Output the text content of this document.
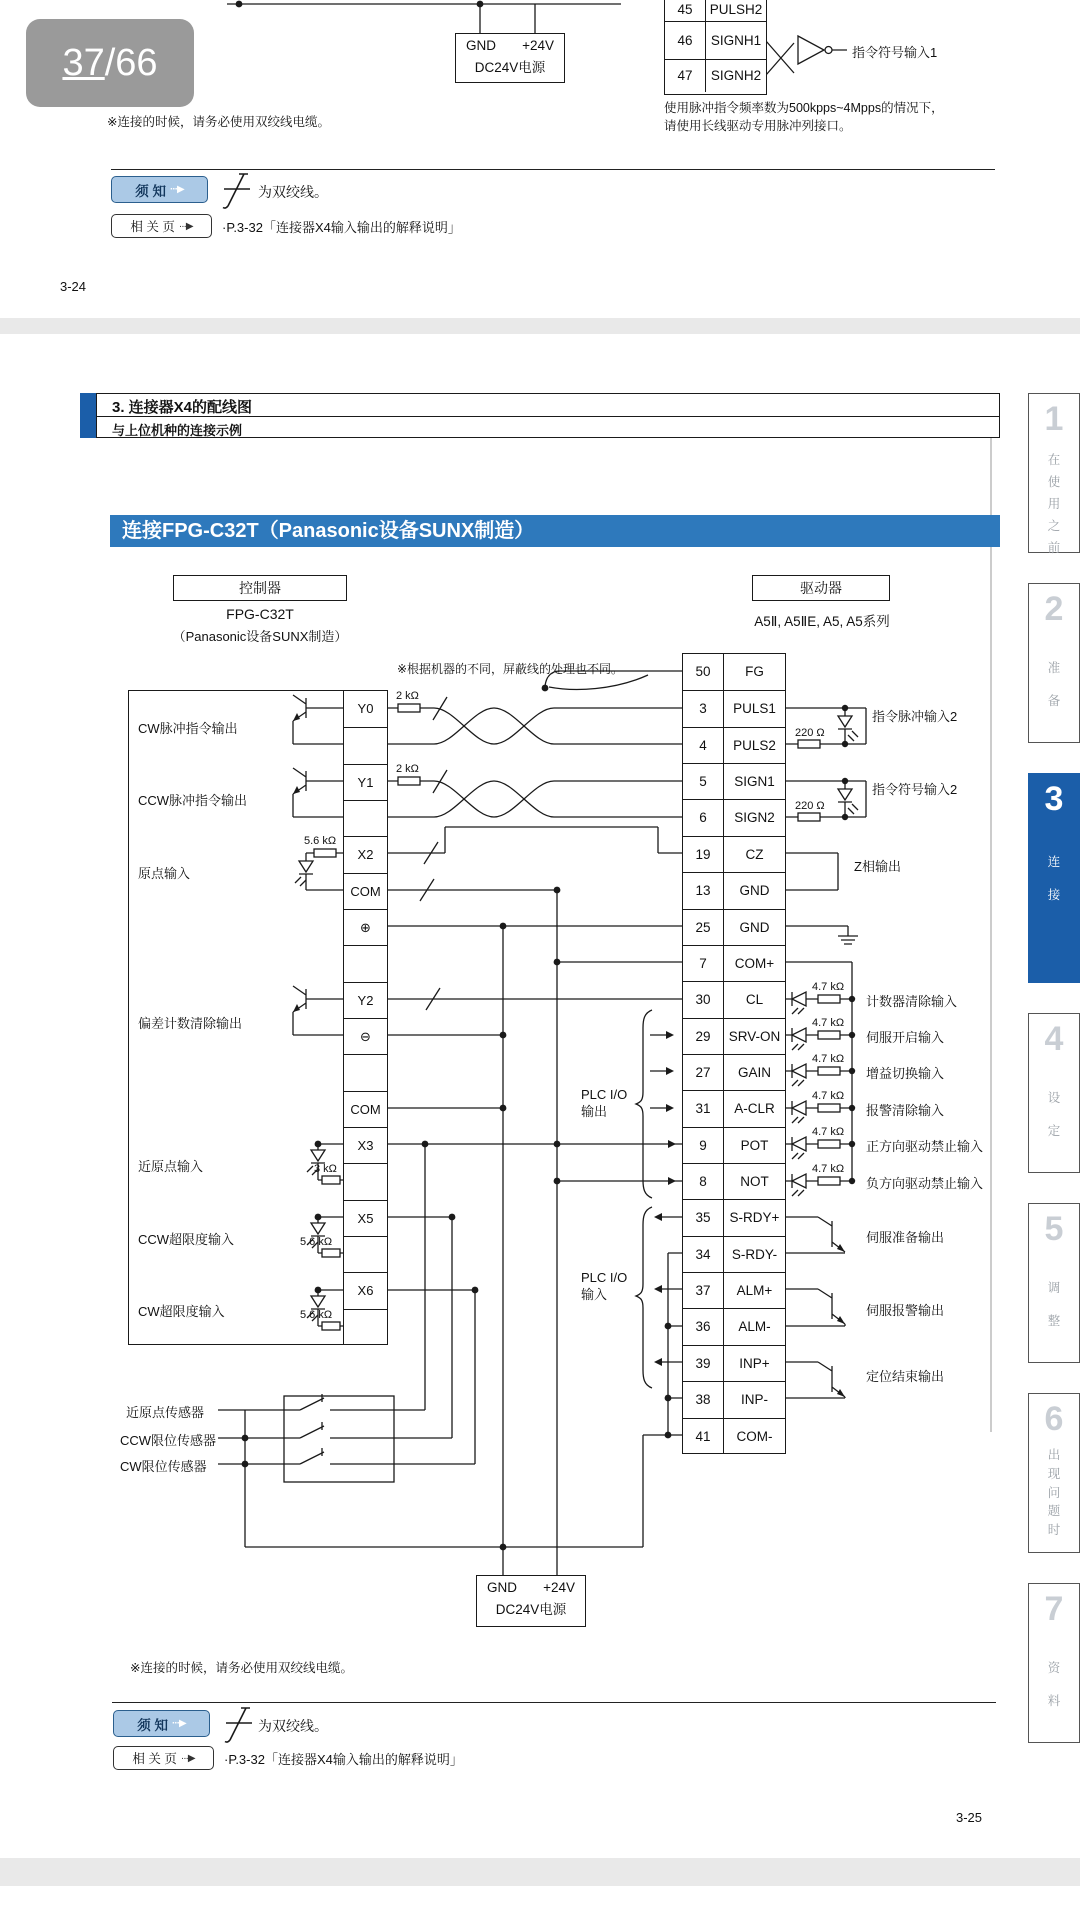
37 / 66	GND +24V
DC24V电源
45	PULSH2
46	SIGNH1
47	SIGNH2
指令符号输入1
使用脉冲指令频率数为500kpps~4Mpps的情况下，
请使用长线驱动专用脉冲列接口。
※连接的时候，请务必使用双绞线电缆。
须 知 ···▶	为双绞线。
相 关 页 ···▶ ·P.3-32「连接器X4输入输出的解释说明」
3-24
3. 连接器X4的配线图
与上位机种的连接示例
连接FPG-C32T（Panasonic设备SUNX制造）
控制器
FPG-C32T
（Panasonic设备SUNX制造）
驱动器
A5Ⅱ, A5ⅡE, A5, A5系列
※根据机器的不同，屏蔽线的处理也不同。
Y0
Y1
X2
COM
⊕
Y2
⊖
COM
X3
X5
X6
50	FG
3	PULS1
4	PULS2
5	SIGN1
6	SIGN2
19	CZ
13	GND
25	GND
7	COM+
30	CL
29	SRV-ON
27	GAIN
31	A-CLR
9	POT
8	NOT
35	S-RDY+
34	S-RDY-
37	ALM+
36	ALM-
39	INP+
38	INP-
41	COM-
CW脉冲指令输出
CCW脉冲指令输出
原点输入
偏差计数清除输出
近原点输入
CCW超限度输入
CW超限度输入
2 kΩ
2 kΩ
5.6 kΩ
3 kΩ
5.6 kΩ
5.6 kΩ
220 Ω
220 Ω
4.7 kΩ
4.7 kΩ
4.7 kΩ
4.7 kΩ
4.7 kΩ
4.7 kΩ
指令脉冲输入2
指令符号输入2
Z相输出
计数器清除输入
伺服开启输入
增益切换输入
报警清除输入
正方向驱动禁止输入
负方向驱动禁止输入
伺服准备输出
伺服报警输出
定位结束输出
PLC I/O
输出
PLC I/O
输入
近原点传感器
CCW限位传感器
CW限位传感器
GND +24V
DC24V电源
※连接的时候，请务必使用双绞线电缆。
须 知 ···▶	为双绞线。
相 关 页 ···▶ ·P.3-32「连接器X4输入输出的解释说明」
3-25
1
在使用之前
2
准备
3
连接
4
设定
5
调整
6
出现问题时
7
资料
